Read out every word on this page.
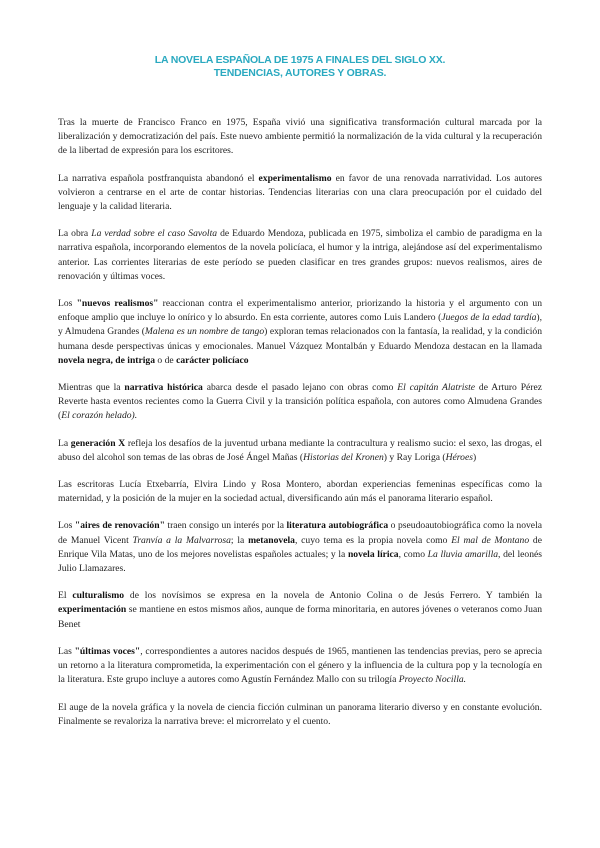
LA NOVELA ESPAÑOLA DE 1975 A FINALES DEL SIGLO XX.
TENDENCIAS, AUTORES Y OBRAS.

Tras la muerte de Francisco Franco en 1975, España vivió una significativa transformación cultural marcada por la liberalización y democratización del país. Este nuevo ambiente permitió la normalización de la vida cultural y la recuperación de la libertad de expresión para los escritores.

La narrativa española postfranquista abandonó el experimentalismo en favor de una renovada narratividad. Los autores volvieron a centrarse en el arte de contar historias. Tendencias literarias con una clara preocupación por el cuidado del lenguaje y la calidad literaria.

La obra La verdad sobre el caso Savolta de Eduardo Mendoza, publicada en 1975, simboliza el cambio de paradigma en la narrativa española, incorporando elementos de la novela policíaca, el humor y la intriga, alejándose así del experimentalismo anterior. Las corrientes literarias de este período se pueden clasificar en tres grandes grupos: nuevos realismos, aires de renovación y últimas voces.

Los "nuevos realismos" reaccionan contra el experimentalismo anterior, priorizando la historia y el argumento con un enfoque amplio que incluye lo onírico y lo absurdo. En esta corriente, autores como Luis Landero (Juegos de la edad tardía), y Almudena Grandes (Malena es un nombre de tango) exploran temas relacionados con la fantasía, la realidad, y la condición humana desde perspectivas únicas y emocionales. Manuel Vázquez Montalbán y Eduardo Mendoza destacan en la llamada novela negra, de intriga o de carácter policíaco

Mientras que la narrativa histórica abarca desde el pasado lejano con obras como El capitán Alatriste de Arturo Pérez Reverte hasta eventos recientes como la Guerra Civil y la transición política española, con autores como Almudena Grandes (El corazón helado).

La generación X refleja los desafíos de la juventud urbana mediante la contracultura y realismo sucio: el sexo, las drogas, el abuso del alcohol son temas de las obras de José Ángel Mañas (Historias del Kronen) y Ray Loriga (Héroes)

Las escritoras Lucía Etxebarría, Elvira Lindo y Rosa Montero, abordan experiencias femeninas específicas como la maternidad, y la posición de la mujer en la sociedad actual, diversificando aún más el panorama literario español.

Los "aires de renovación" traen consigo un interés por la literatura autobiográfica o pseudoautobiográfica como la novela de Manuel Vicent Tranvía a la Malvarrosa; la metanovela, cuyo tema es la propia novela como El mal de Montano de Enrique Vila Matas, uno de los mejores novelistas españoles actuales; y la novela lírica, como La lluvia amarilla, del leonés Julio Llamazares.

El culturalismo de los novísimos se expresa en la novela de Antonio Colina o de Jesús Ferrero. Y también la experimentación se mantiene en estos mismos años, aunque de forma minoritaria, en autores jóvenes o veteranos como Juan Benet

Las "últimas voces", correspondientes a autores nacidos después de 1965, mantienen las tendencias previas, pero se aprecia un retorno a la literatura comprometida, la experimentación con el género y la influencia de la cultura pop y la tecnología en la literatura. Este grupo incluye a autores como Agustín Fernández Mallo con su trilogía Proyecto Nocilla.

El auge de la novela gráfica y la novela de ciencia ficción culminan un panorama literario diverso y en constante evolución. Finalmente se revaloriza la narrativa breve: el microrrelato y el cuento.
